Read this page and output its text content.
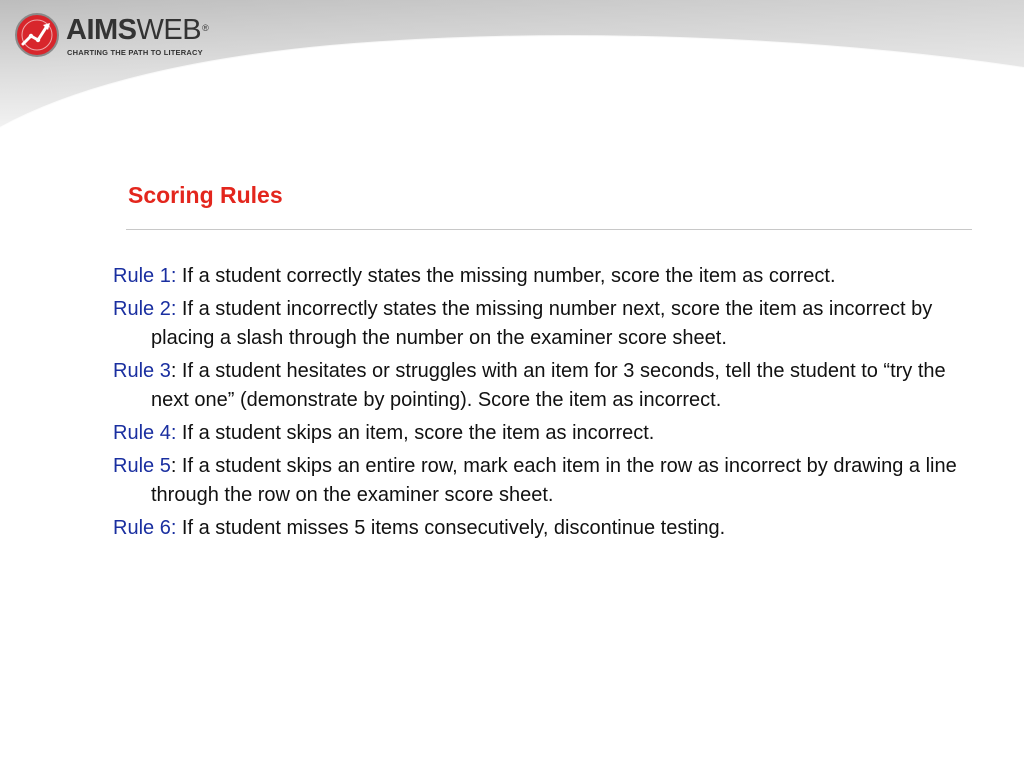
AIMSWEB®
CHARTING THE PATH TO LITERACY
Scoring Rules
Rule 1: If a student correctly states the missing number, score the item as correct.
Rule 2: If a student incorrectly states the missing number next, score the item as incorrect by placing a slash through the number on the examiner score sheet.
Rule 3: If a student hesitates or struggles with an item for 3 seconds, tell the student to “try the next one” (demonstrate by pointing). Score the item as incorrect.
Rule 4: If a student skips an item, score the item as incorrect.
Rule 5: If a student skips an entire row, mark each item in the row as incorrect by drawing a line through the row on the examiner score sheet.
Rule 6: If a student misses 5 items consecutively, discontinue testing.
